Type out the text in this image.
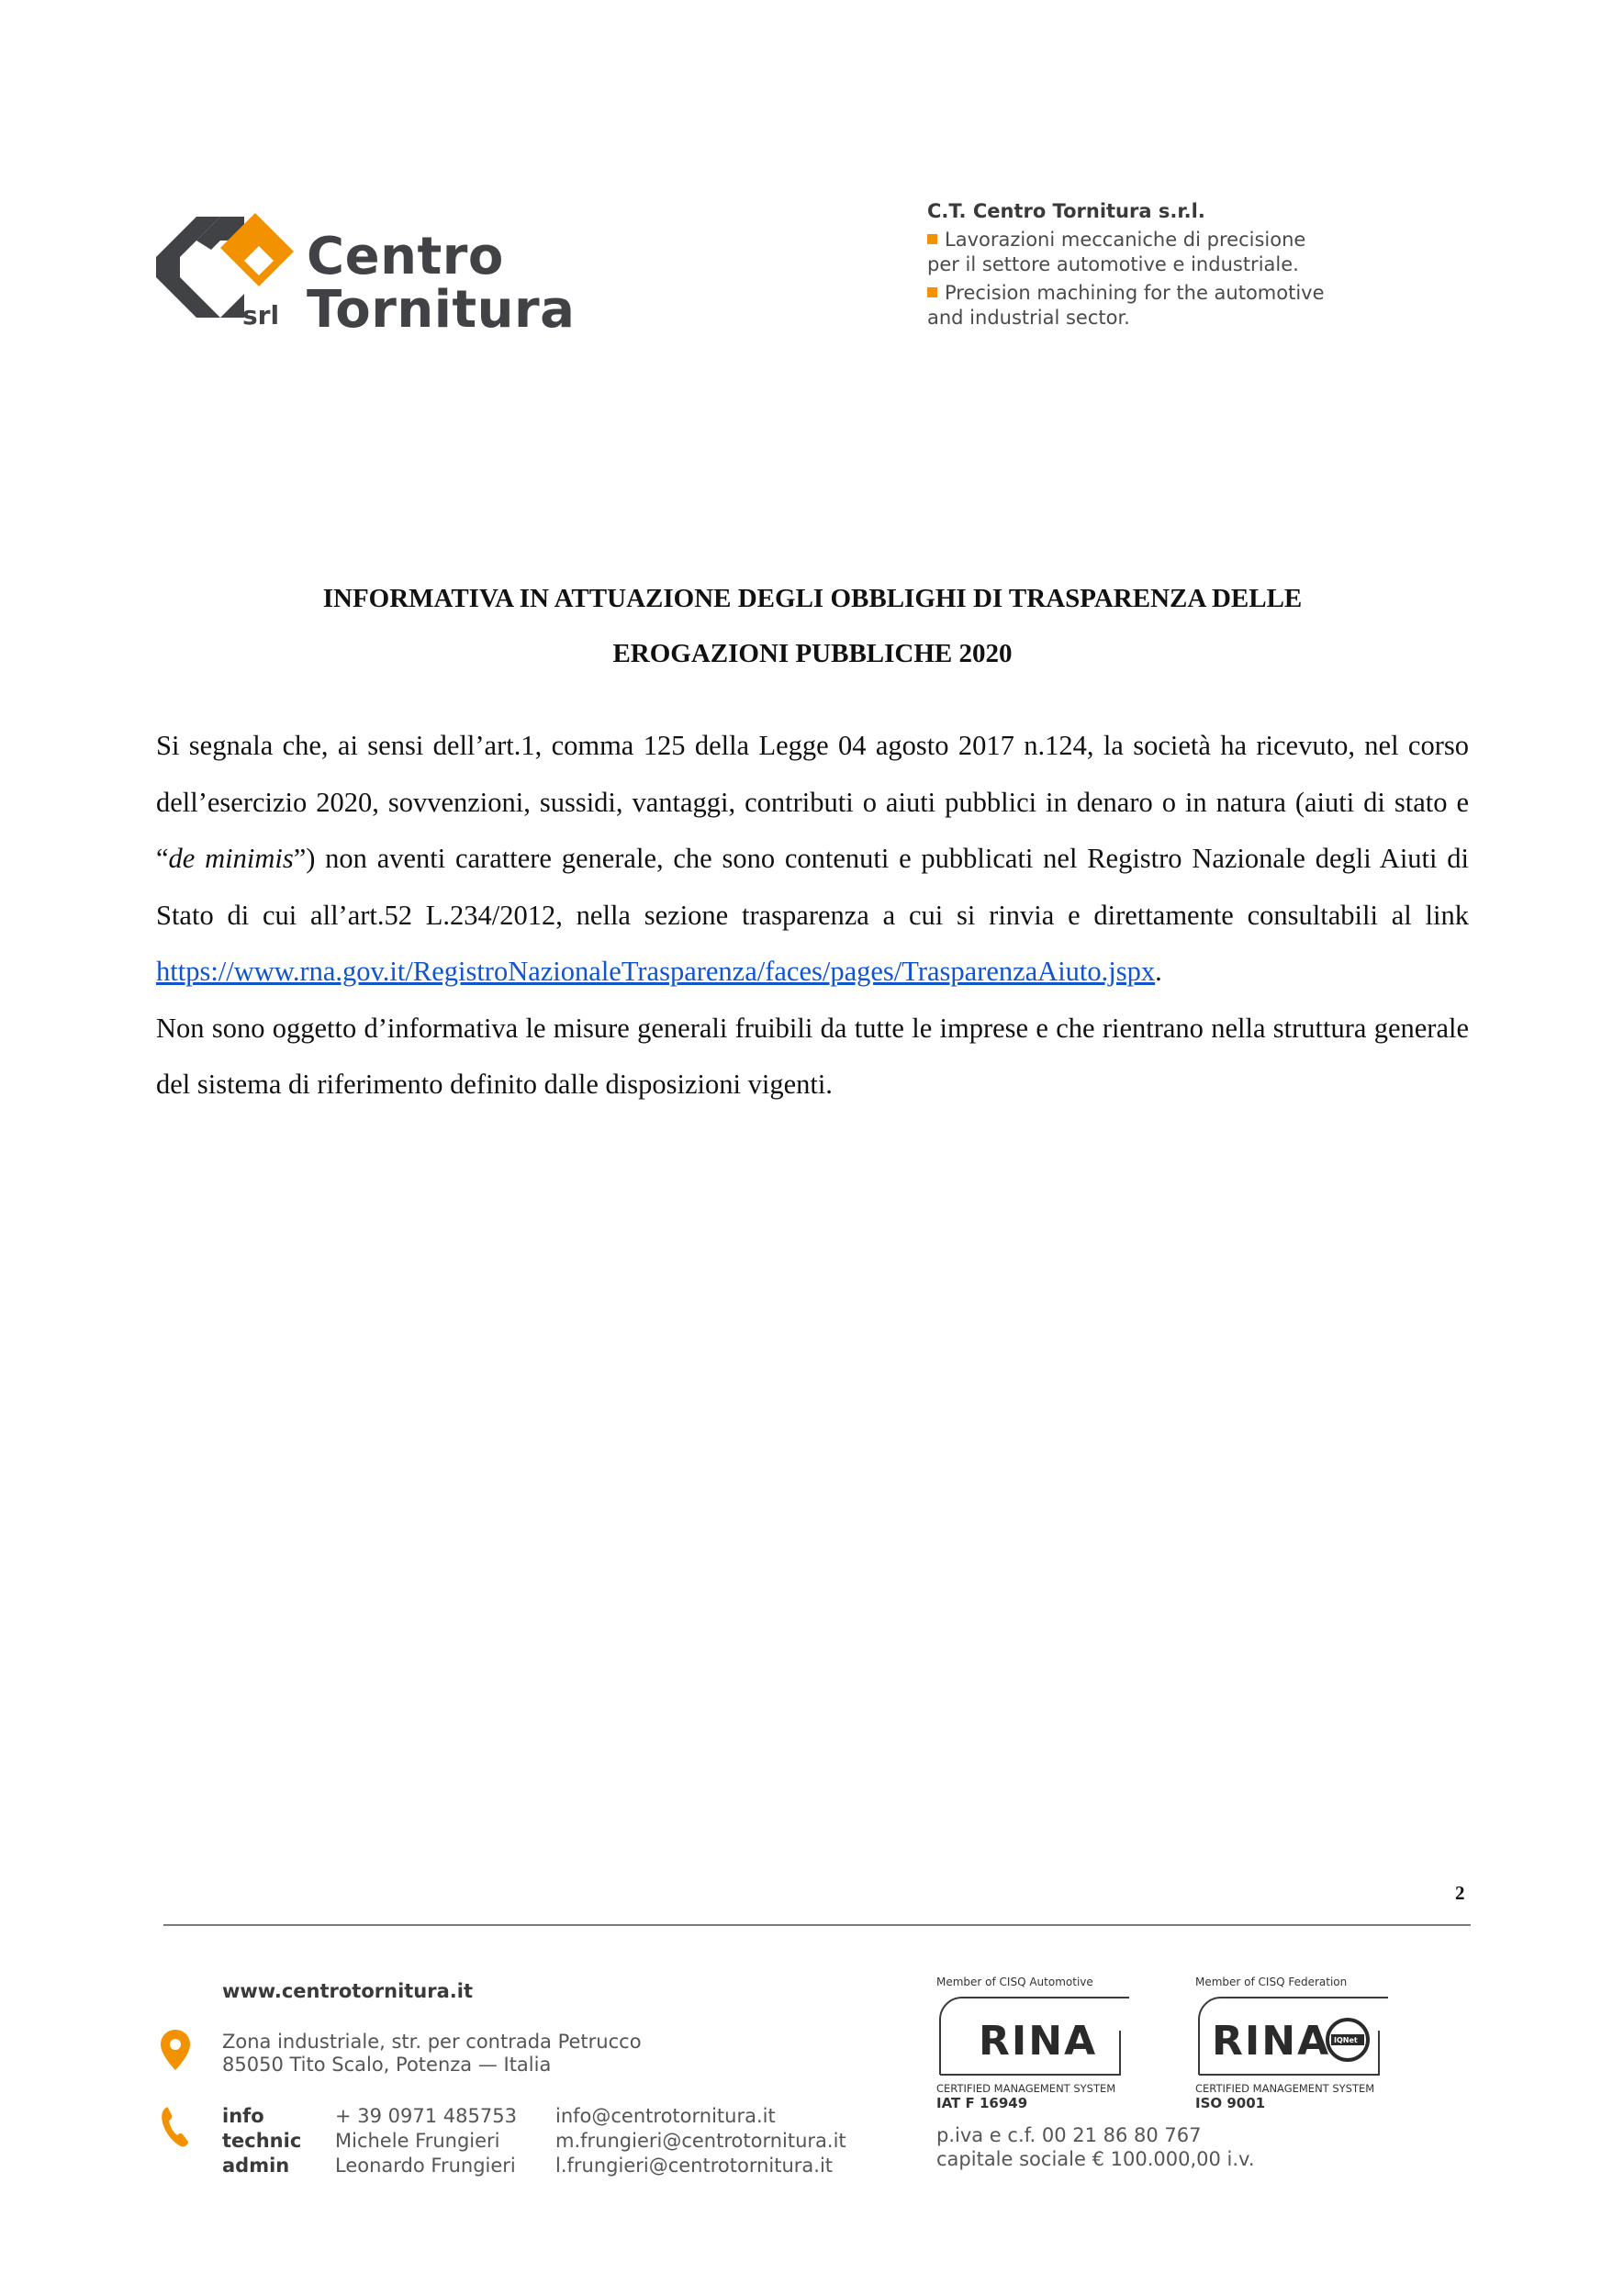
Centro
Tornitura
srl
C.T. Centro Tornitura s.r.l.
Lavorazioni meccaniche di precisione
per il settore automotive e industriale.
Precision machining for the automotive
and industrial sector.
INFORMATIVA IN ATTUAZIONE DEGLI OBBLIGHI DI TRASPARENZA DELLE
EROGAZIONI PUBBLICHE 2020

Si segnala che, ai sensi dell’art.1, comma 125 della Legge 04 agosto 2017 n.124, la società ha ricevuto, nel corso dell’esercizio 2020, sovvenzioni, sussidi, vantaggi, contributi o aiuti pubblici in denaro o in natura (aiuti di stato e “de minimis”) non aventi carattere generale, che sono contenuti e pubblicati nel Registro Nazionale degli Aiuti di Stato di cui all’art.52 L.234/2012, nella sezione trasparenza a cui si rinvia e direttamente consultabili al link

https://www.rna.gov.it/RegistroNazionaleTrasparenza/faces/pages/TrasparenzaAiuto.jspx.

Non sono oggetto d’informativa le misure generali fruibili da tutte le imprese e che rientrano nella struttura generale del sistema di riferimento definito dalle disposizioni vigenti.

2
www.centrotornitura.it
Zona industriale, str. per contrada Petrucco
85050 Tito Scalo, Potenza — Italia
info	+ 39 0971 485753 info@centrotornitura.it
technic Michele Frungieri	m.frungieri@centrotornitura.it
admin Leonardo Frungieri l.frungieri@centrotornitura.it
Member of CISQ Automotive
RINA
CERTIFIED MANAGEMENT SYSTEM
IAT F 16949
Member of CISQ Federation
RINA IQNet
CERTIFIED MANAGEMENT SYSTEM
ISO 9001
p.iva e c.f. 00 21 86 80 767
capitale sociale € 100.000,00 i.v.
